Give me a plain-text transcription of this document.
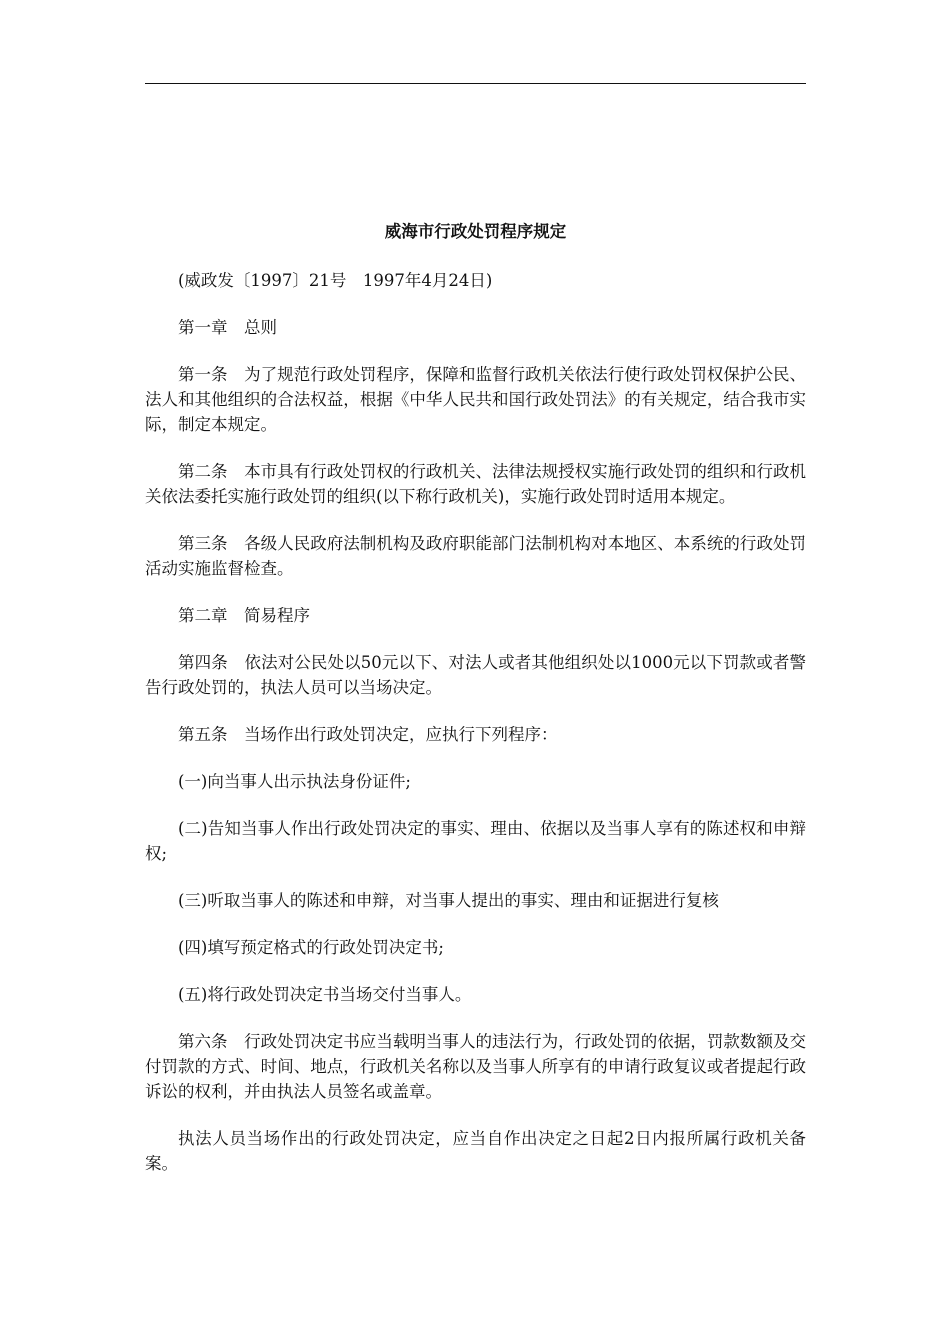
威海市行政处罚程序规定

(威政发〔1997〕21号　1997年4月24日)

第一章　总则

第一条　为了规范行政处罚程序，保障和监督行政机关依法行使行政处罚权保护公民、法人和其他组织的合法权益，根据《中华人民共和国行政处罚法》的有关规定，结合我市实际，制定本规定。

第二条　本市具有行政处罚权的行政机关、法律法规授权实施行政处罚的组织和行政机关依法委托实施行政处罚的组织(以下称行政机关)，实施行政处罚时适用本规定。

第三条　各级人民政府法制机构及政府职能部门法制机构对本地区、本系统的行政处罚活动实施监督检查。

第二章　简易程序

第四条　依法对公民处以50元以下、对法人或者其他组织处以1000元以下罚款或者警告行政处罚的，执法人员可以当场决定。

第五条　当场作出行政处罚决定，应执行下列程序：

(一)向当事人出示执法身份证件;

(二)告知当事人作出行政处罚决定的事实、理由、依据以及当事人享有的陈述权和申辩权;

(三)听取当事人的陈述和申辩，对当事人提出的事实、理由和证据进行复核

(四)填写预定格式的行政处罚决定书;

(五)将行政处罚决定书当场交付当事人。

第六条　行政处罚决定书应当载明当事人的违法行为，行政处罚的依据，罚款数额及交付罚款的方式、时间、地点，行政机关名称以及当事人所享有的申请行政复议或者提起行政诉讼的权利，并由执法人员签名或盖章。

执法人员当场作出的行政处罚决定，应当自作出决定之日起2日内报所属行政机关备案。
